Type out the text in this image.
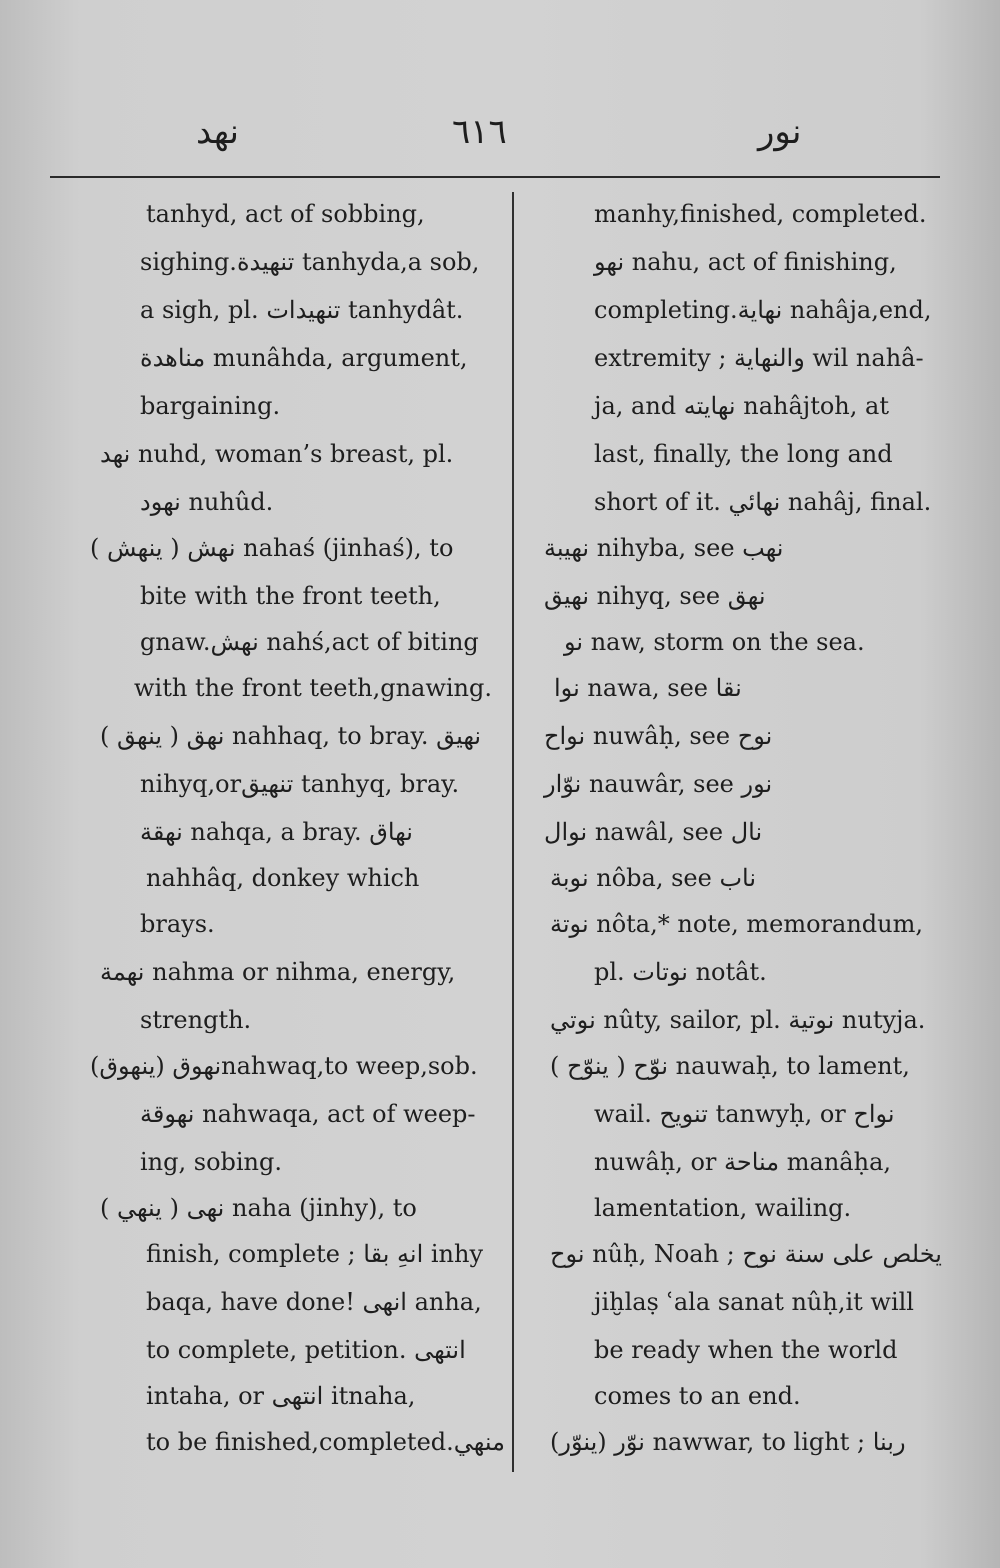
نهد	٦١٦	نور
tanhyd, act of sobbing,
sighing.تنهيدة tanhyda,a sob,
a sigh, pl. تنهيدات tanhydât.
مناهدة munâhda, argument,
bargaining.
نهد nuhd, woman’s breast, pl.
نهود nuhûd.
نهش ( ينهش ) nahaś (jinhaś), to
bite with the front teeth,
gnaw.نهش nahś,act of biting
with the front teeth,gnawing.
نهق ( ينهق ) nahhaq, to bray. نهيق
nihyq,orتنهيق tanhyq, bray.
نهقة nahqa, a bray. نهاق
nahhâq, donkey which
brays.
نهمة nahma or nihma, energy,
strength.
نهوق (ينهوق)nahwaq,to weep,sob.
نهوقة nahwaqa, act of weep-
ing, sobing.
نهى ( ينهي ) naha (jinhy), to
finish, complete ; انهِ بقا inhy
baqa, have done! انهى anha,
to complete, petition. انتهى
intaha, or انتهى itnaha,
to be finished,completed.منهي
manhy,finished, completed.
نهو nahu, act of finishing,
completing.نهاية nahâja,end,
extremity ; والنهاية wil nahâ-
ja, and نهايته nahâjtoh, at
last, finally, the long and
short of it. نهائي nahâj, final.
نهيبة nihyba, see نهب
نهيق nihyq, see نهق
نو naw, storm on the sea.
نوا nawa, see نقا
نواح nuwâḥ, see نوح
نوّار nauwâr, see نور
نوال nawâl, see نال
نوبة nôba, see ناب
نوتة nôta,* note, memorandum,
pl. نوتات notât.
نوتي nûty, sailor, pl. نوتية nutyja.
نوّح ( ينوّح ) nauwaḥ, to lament,
wail. تنويح tanwyḥ, or نواح
nuwâḥ, or مناحة manâḥa,
lamentation, wailing.
نوح nûḥ, Noah ; يخلص على سنة نوح
jiḫlaṣ ʿala sanat nûḥ,it will
be ready when the world
comes to an end.
نوّر (ينوّر) nawwar, to light ; ربنا
